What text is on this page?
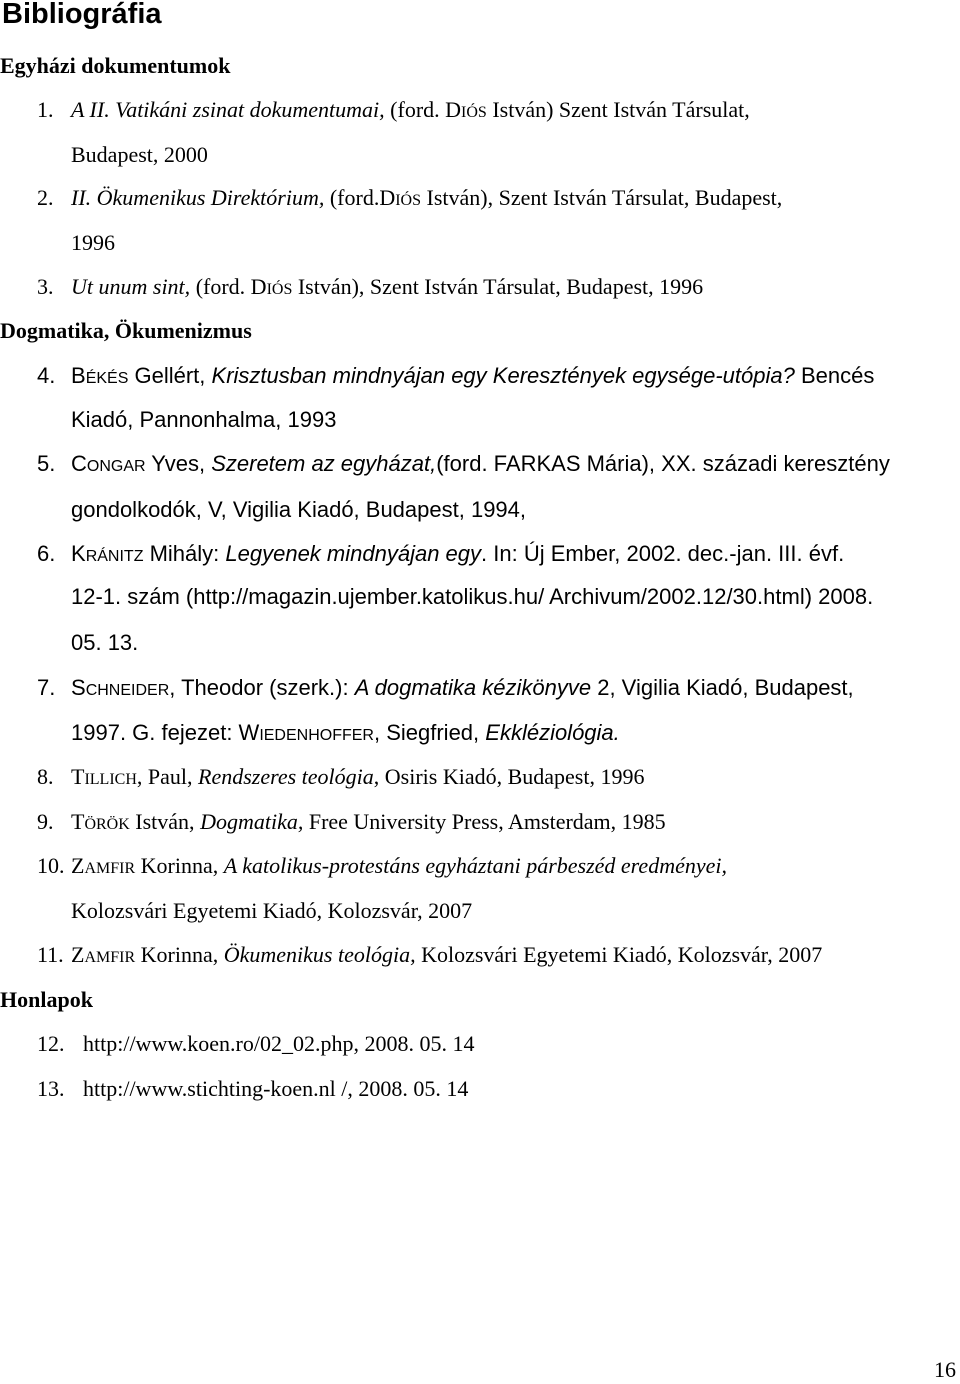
Bibliográfia
Egyházi dokumentumok
Dogmatika, Ökumenizmus
Honlapok
1. A II. Vatikáni zsinat dokumentumai, (ford. DIÓS István) Szent István Társulat,
Budapest, 2000
2. II. Ökumenikus Direktórium, (ford.DIÓS István), Szent István Társulat, Budapest,
1996
3. Ut unum sint, (ford. DIÓS István), Szent István Társulat, Budapest, 1996
4. BÉKÉS Gellért, Krisztusban mindnyájan egy Keresztények egysége-utópia? Bencés
Kiadó, Pannonhalma, 1993
5. CONGAR Yves, Szeretem az egyházat,(ford. FARKAS Mária), XX. századi keresztény
gondolkodók, V, Vigilia Kiadó, Budapest, 1994,
6. KRÁNITZ Mihály: Legyenek mindnyájan egy. In: Új Ember, 2002. dec.-jan. III. évf.
12-1. szám (http://magazin.ujember.katolikus.hu/ Archivum/2002.12/30.html) 2008.
05. 13.
7. SCHNEIDER, Theodor (szerk.): A dogmatika kézikönyve 2, Vigilia Kiadó, Budapest,
1997. G. fejezet: WIEDENHOFFER, Siegfried, Ekkléziológia.
8. TILLICH, Paul, Rendszeres teológia, Osiris Kiadó, Budapest, 1996
9. TÖRÖK István, Dogmatika, Free University Press, Amsterdam, 1985
10. ZAMFIR Korinna, A katolikus-protestáns egyháztani párbeszéd eredményei,
Kolozsvári Egyetemi Kiadó, Kolozsvár, 2007
11. ZAMFIR Korinna, Ökumenikus teológia, Kolozsvári Egyetemi Kiadó, Kolozsvár, 2007
12. http://www.koen.ro/02_02.php, 2008. 05. 14
13. http://www.stichting-koen.nl /, 2008. 05. 14
16
